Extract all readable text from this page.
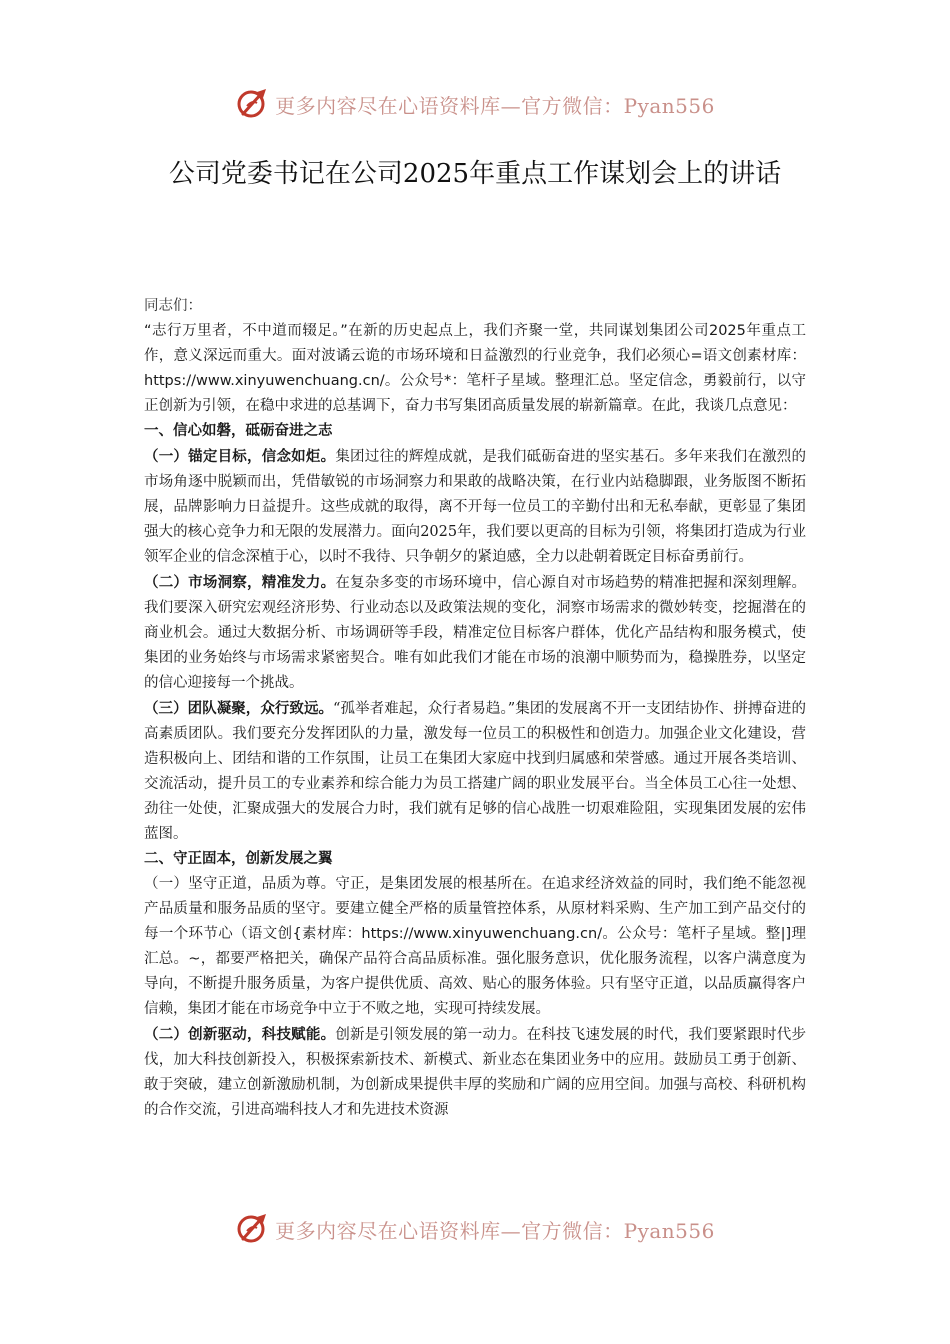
更多内容尽在心语资料库—官方微信：Pyan556
公司党委书记在公司2025年重点工作谋划会上的讲话

同志们：

“志行万里者，不中道而辍足。”在新的历史起点上，我们齐聚一堂，共同谋划集团公司2025年重点工作，意义深远而重大。面对波谲云诡的市场环境和日益激烈的行业竞争，我们必须心=语文创素材库：https://www.xinyuwenchuang.cn/。公众号*：笔杆子星域。整理汇总。坚定信念，勇毅前行，以守正创新为引领，在稳中求进的总基调下，奋力书写集团高质量发展的崭新篇章。在此，我谈几点意见：

一、信心如磐，砥砺奋进之志

（一）锚定目标，信念如炬。集团过往的辉煌成就，是我们砥砺奋进的坚实基石。多年来我们在激烈的市场角逐中脱颖而出，凭借敏锐的市场洞察力和果敢的战略决策，在行业内站稳脚跟，业务版图不断拓展，品牌影响力日益提升。这些成就的取得，离不开每一位员工的辛勤付出和无私奉献，更彰显了集团强大的核心竞争力和无限的发展潜力。面向2025年，我们要以更高的目标为引领，将集团打造成为行业领军企业的信念深植于心，以时不我待、只争朝夕的紧迫感，全力以赴朝着既定目标奋勇前行。

（二）市场洞察，精准发力。在复杂多变的市场环境中，信心源自对市场趋势的精准把握和深刻理解。我们要深入研究宏观经济形势、行业动态以及政策法规的变化，洞察市场需求的微妙转变，挖掘潜在的商业机会。通过大数据分析、市场调研等手段，精准定位目标客户群体，优化产品结构和服务模式，使集团的业务始终与市场需求紧密契合。唯有如此我们才能在市场的浪潮中顺势而为，稳操胜券，以坚定的信心迎接每一个挑战。

（三）团队凝聚，众行致远。“孤举者难起，众行者易趋。”集团的发展离不开一支团结协作、拼搏奋进的高素质团队。我们要充分发挥团队的力量，激发每一位员工的积极性和创造力。加强企业文化建设，营造积极向上、团结和谐的工作氛围，让员工在集团大家庭中找到归属感和荣誉感。通过开展各类培训、交流活动，提升员工的专业素养和综合能力为员工搭建广阔的职业发展平台。当全体员工心往一处想、劲往一处使，汇聚成强大的发展合力时，我们就有足够的信心战胜一切艰难险阻，实现集团发展的宏伟蓝图。

二、守正固本，创新发展之翼

（一）坚守正道，品质为尊。守正，是集团发展的根基所在。在追求经济效益的同时，我们绝不能忽视产品质量和服务品质的坚守。要建立健全严格的质量管控体系，从原材料采购、生产加工到产品交付的每一个环节心（语文创{素材库：https://www.xinyuwenchuang.cn/。公众号：笔杆子星域。整|]理汇总。~，都要严格把关，确保产品符合高品质标准。强化服务意识，优化服务流程，以客户满意度为导向，不断提升服务质量，为客户提供优质、高效、贴心的服务体验。只有坚守正道，以品质赢得客户信赖，集团才能在市场竞争中立于不败之地，实现可持续发展。

（二）创新驱动，科技赋能。创新是引领发展的第一动力。在科技飞速发展的时代，我们要紧跟时代步伐，加大科技创新投入，积极探索新技术、新模式、新业态在集团业务中的应用。鼓励员工勇于创新、敢于突破，建立创新激励机制，为创新成果提供丰厚的奖励和广阔的应用空间。加强与高校、科研机构的合作交流，引进高端科技人才和先进技术资源

更多内容尽在心语资料库—官方微信：Pyan556
